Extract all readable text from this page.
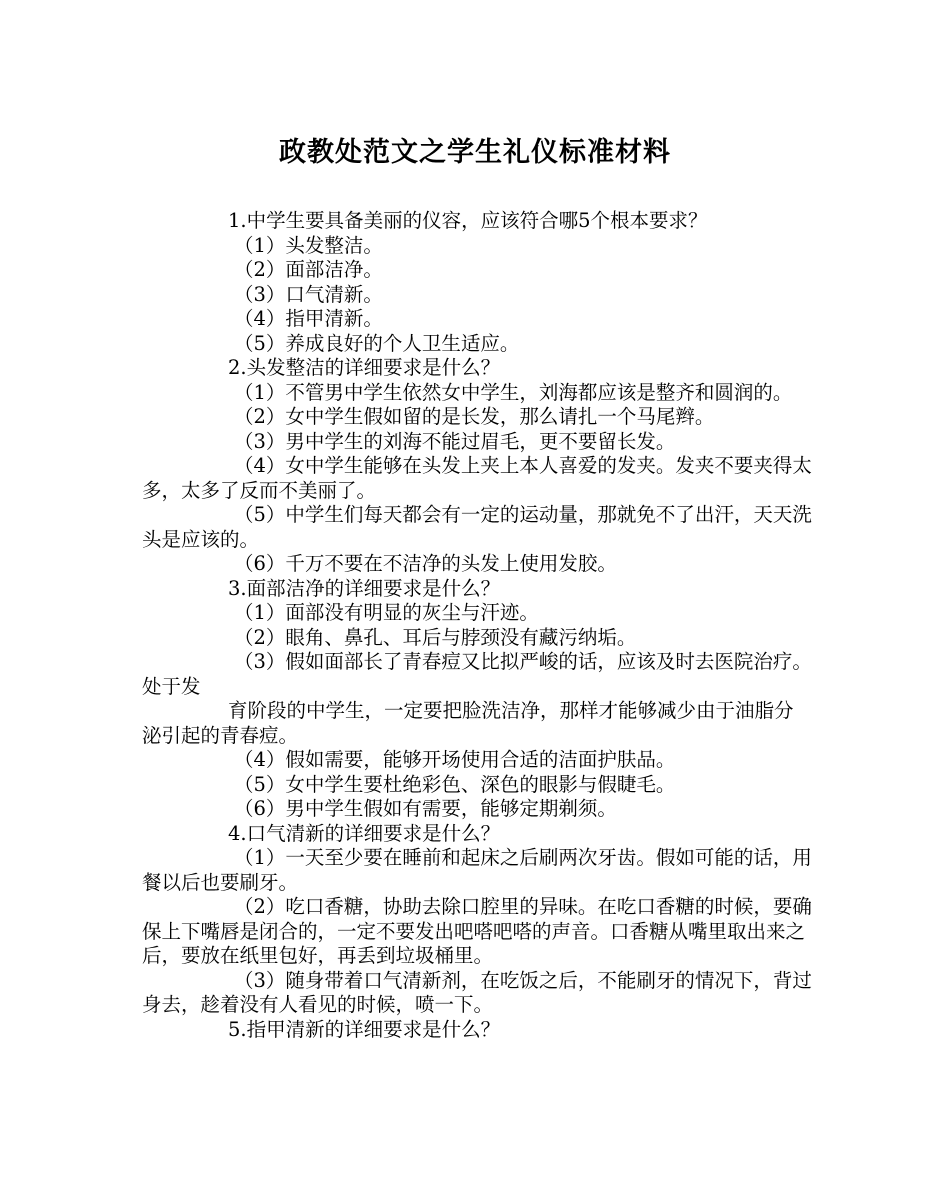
政教处范文之学生礼仪标准材料

1.中学生要具备美丽的仪容，应该符合哪5个根本要求？

（1）头发整洁。

（2）面部洁净。

（3）口气清新。

（4）指甲清新。

（5）养成良好的个人卫生适应。

2.头发整洁的详细要求是什么？

（1）不管男中学生依然女中学生，刘海都应该是整齐和圆润的。

（2）女中学生假如留的是长发，那么请扎一个马尾辫。

（3）男中学生的刘海不能过眉毛，更不要留长发。

（4）女中学生能够在头发上夹上本人喜爱的发夹。发夹不要夹得太多，太多了反而不美丽了。

（5）中学生们每天都会有一定的运动量，那就免不了出汗，天天洗头是应该的。

（6）千万不要在不洁净的头发上使用发胶。

3.面部洁净的详细要求是什么？

（1）面部没有明显的灰尘与汗迹。

（2）眼角、鼻孔、耳后与脖颈没有藏污纳垢。

（3）假如面部长了青春痘又比拟严峻的话，应该及时去医院治疗。处于发

育阶段的中学生，一定要把脸洗洁净，那样才能够减少由于油脂分泌引起的青春痘。

（4）假如需要，能够开场使用合适的洁面护肤品。

（5）女中学生要杜绝彩色、深色的眼影与假睫毛。

（6）男中学生假如有需要，能够定期剃须。

4.口气清新的详细要求是什么？

（1）一天至少要在睡前和起床之后刷两次牙齿。假如可能的话，用餐以后也要刷牙。

（2）吃口香糖，协助去除口腔里的异味。在吃口香糖的时候，要确保上下嘴唇是闭合的，一定不要发出吧嗒吧嗒的声音。口香糖从嘴里取出来之后，要放在纸里包好，再丢到垃圾桶里。

（3）随身带着口气清新剂，在吃饭之后，不能刷牙的情况下，背过身去，趁着没有人看见的时候，喷一下。

5.指甲清新的详细要求是什么？
